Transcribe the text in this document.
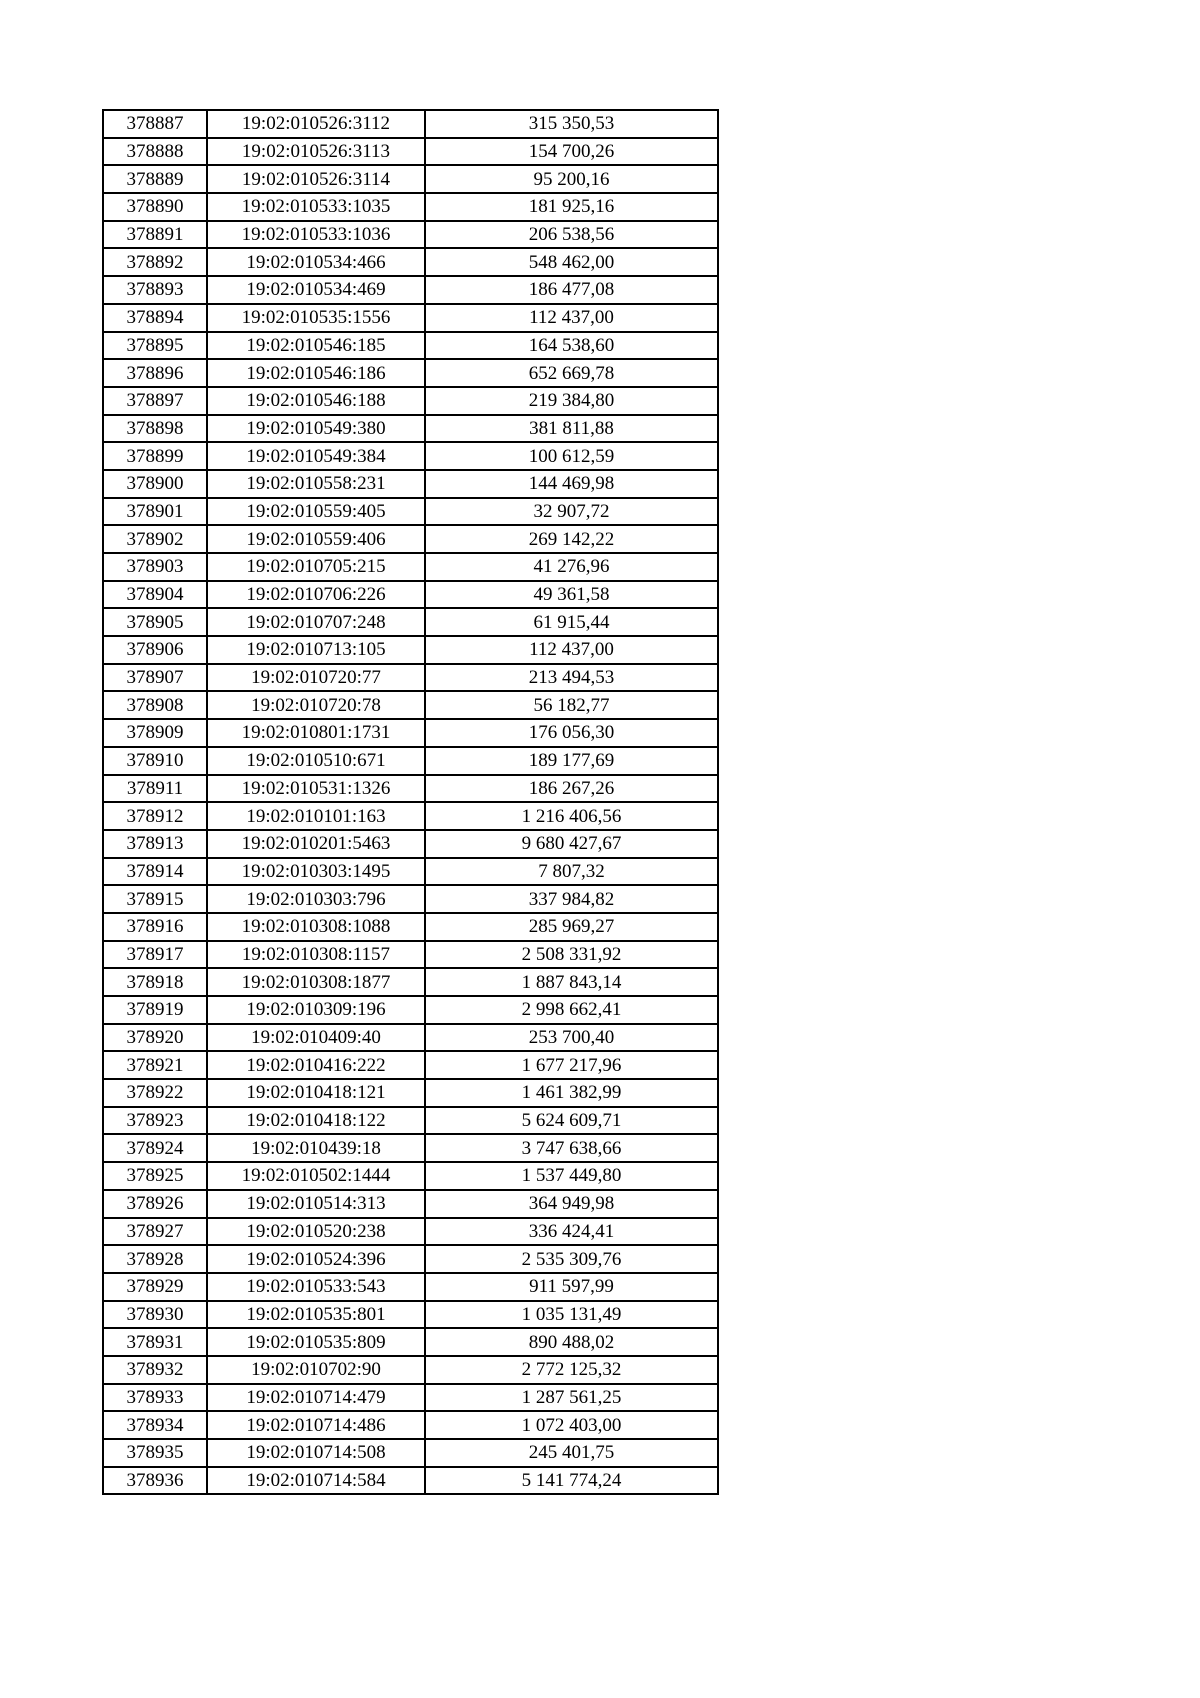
378887	19:02:010526:3112	315 350,53
378888	19:02:010526:3113	154 700,26
378889	19:02:010526:3114	95 200,16
378890	19:02:010533:1035	181 925,16
378891	19:02:010533:1036	206 538,56
378892	19:02:010534:466	548 462,00
378893	19:02:010534:469	186 477,08
378894	19:02:010535:1556	112 437,00
378895	19:02:010546:185	164 538,60
378896	19:02:010546:186	652 669,78
378897	19:02:010546:188	219 384,80
378898	19:02:010549:380	381 811,88
378899	19:02:010549:384	100 612,59
378900	19:02:010558:231	144 469,98
378901	19:02:010559:405	32 907,72
378902	19:02:010559:406	269 142,22
378903	19:02:010705:215	41 276,96
378904	19:02:010706:226	49 361,58
378905	19:02:010707:248	61 915,44
378906	19:02:010713:105	112 437,00
378907	19:02:010720:77	213 494,53
378908	19:02:010720:78	56 182,77
378909	19:02:010801:1731	176 056,30
378910	19:02:010510:671	189 177,69
378911	19:02:010531:1326	186 267,26
378912	19:02:010101:163	1 216 406,56
378913	19:02:010201:5463	9 680 427,67
378914	19:02:010303:1495	7 807,32
378915	19:02:010303:796	337 984,82
378916	19:02:010308:1088	285 969,27
378917	19:02:010308:1157	2 508 331,92
378918	19:02:010308:1877	1 887 843,14
378919	19:02:010309:196	2 998 662,41
378920	19:02:010409:40	253 700,40
378921	19:02:010416:222	1 677 217,96
378922	19:02:010418:121	1 461 382,99
378923	19:02:010418:122	5 624 609,71
378924	19:02:010439:18	3 747 638,66
378925	19:02:010502:1444	1 537 449,80
378926	19:02:010514:313	364 949,98
378927	19:02:010520:238	336 424,41
378928	19:02:010524:396	2 535 309,76
378929	19:02:010533:543	911 597,99
378930	19:02:010535:801	1 035 131,49
378931	19:02:010535:809	890 488,02
378932	19:02:010702:90	2 772 125,32
378933	19:02:010714:479	1 287 561,25
378934	19:02:010714:486	1 072 403,00
378935	19:02:010714:508	245 401,75
378936	19:02:010714:584	5 141 774,24
